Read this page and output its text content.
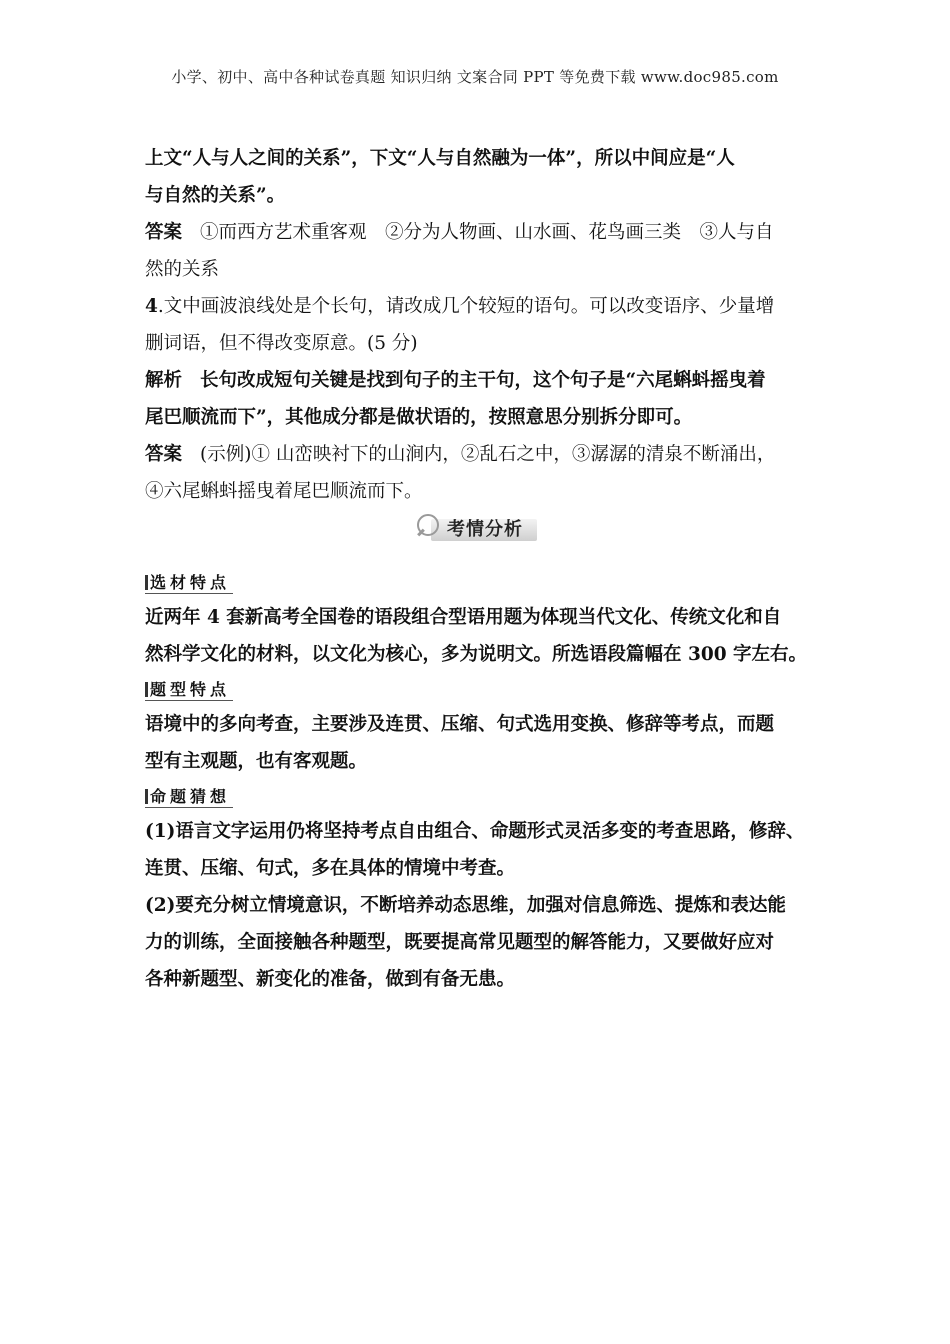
小学、初中、高中各种试卷真题 知识归纳 文案合同 PPT 等免费下载 www.doc985.com
上文“人与人之间的关系”，下文“人与自然融为一体”，所以中间应是“人
与自然的关系”。
答案 ①而西方艺术重客观　②分为人物画、山水画、花鸟画三类　③人与自
然的关系
4.文中画波浪线处是个长句，请改成几个较短的语句。可以改变语序、少量增
删词语，但不得改变原意。(5 分)
解析 长句改成短句关键是找到句子的主干句，这个句子是“六尾蝌蚪摇曳着
尾巴顺流而下”，其他成分都是做状语的，按照意思分别拆分即可。
答案 (示例)① 山峦映衬下的山涧内，②乱石之中，③潺潺的清泉不断涌出，
④六尾蝌蚪摇曳着尾巴顺流而下。
考情分析
选材特点
近两年 4 套新高考全国卷的语段组合型语用题为体现当代文化、传统文化和自
然科学文化的材料，以文化为核心，多为说明文。所选语段篇幅在 300 字左右。
题型特点
语境中的多向考查，主要涉及连贯、压缩、句式选用变换、修辞等考点，而题
型有主观题，也有客观题。
命题猜想
(1)语言文字运用仍将坚持考点自由组合、命题形式灵活多变的考查思路，修辞、
连贯、压缩、句式，多在具体的情境中考查。
(2)要充分树立情境意识，不断培养动态思维，加强对信息筛选、提炼和表达能
力的训练，全面接触各种题型，既要提高常见题型的解答能力，又要做好应对
各种新题型、新变化的准备，做到有备无患。
